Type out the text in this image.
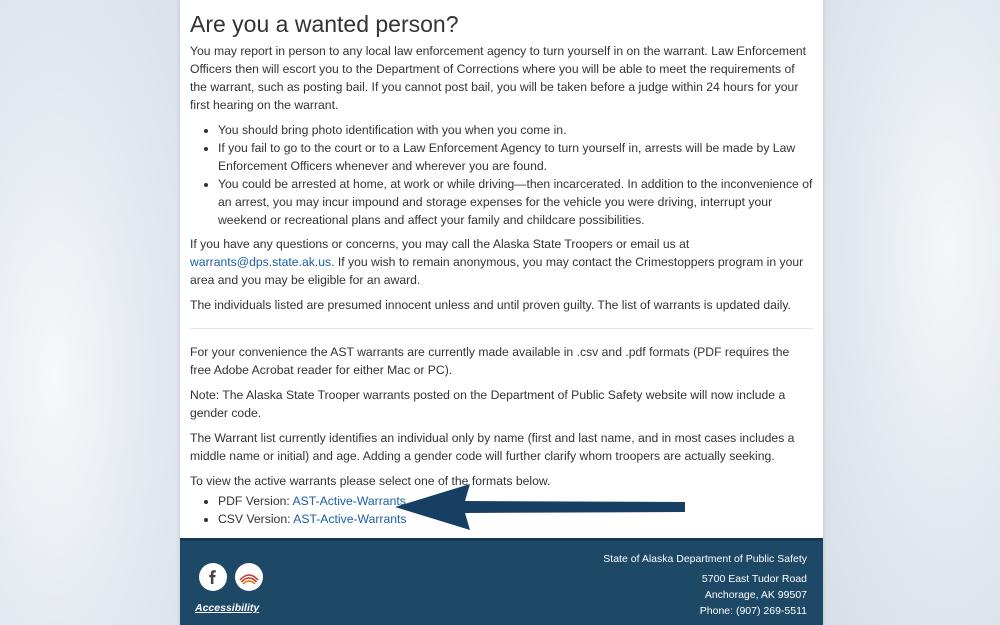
Are you a wanted person?

You may report in person to any local law enforcement agency to turn yourself in on the warrant. Law Enforcement Officers then will escort you to the Department of Corrections where you will be able to meet the requirements of the warrant, such as posting bail. If you cannot post bail, you will be taken before a judge within 24 hours for your first hearing on the warrant.

• You should bring photo identification with you when you come in.
• If you fail to go to the court or to a Law Enforcement Agency to turn yourself in, arrests will be made by Law Enforcement Officers whenever and wherever you are found.
• You could be arrested at home, at work or while driving—then incarcerated. In addition to the inconvenience of an arrest, you may incur impound and storage expenses for the vehicle you were driving, interrupt your weekend or recreational plans and affect your family and childcare possibilities.

If you have any questions or concerns, you may call the Alaska State Troopers or email us at warrants@dps.state.ak.us. If you wish to remain anonymous, you may contact the Crimestoppers program in your area and you may be eligible for an award.

The individuals listed are presumed innocent unless and until proven guilty. The list of warrants is updated daily.

For your convenience the AST warrants are currently made available in .csv and .pdf formats (PDF requires the free Adobe Acrobat reader for either Mac or PC).

Note: The Alaska State Trooper warrants posted on the Department of Public Safety website will now include a gender code.

The Warrant list currently identifies an individual only by name (first and last name, and in most cases includes a middle name or initial) and age. Adding a gender code will further clarify whom troopers are actually seeking.

To view the active warrants please select one of the formats below.

• PDF Version: AST-Active-Warrants
• CSV Version: AST-Active-Warrants
Accessibility
State of Alaska Department of Public Safety
5700 East Tudor Road
Anchorage, AK 99507
Phone: (907) 269-5511
